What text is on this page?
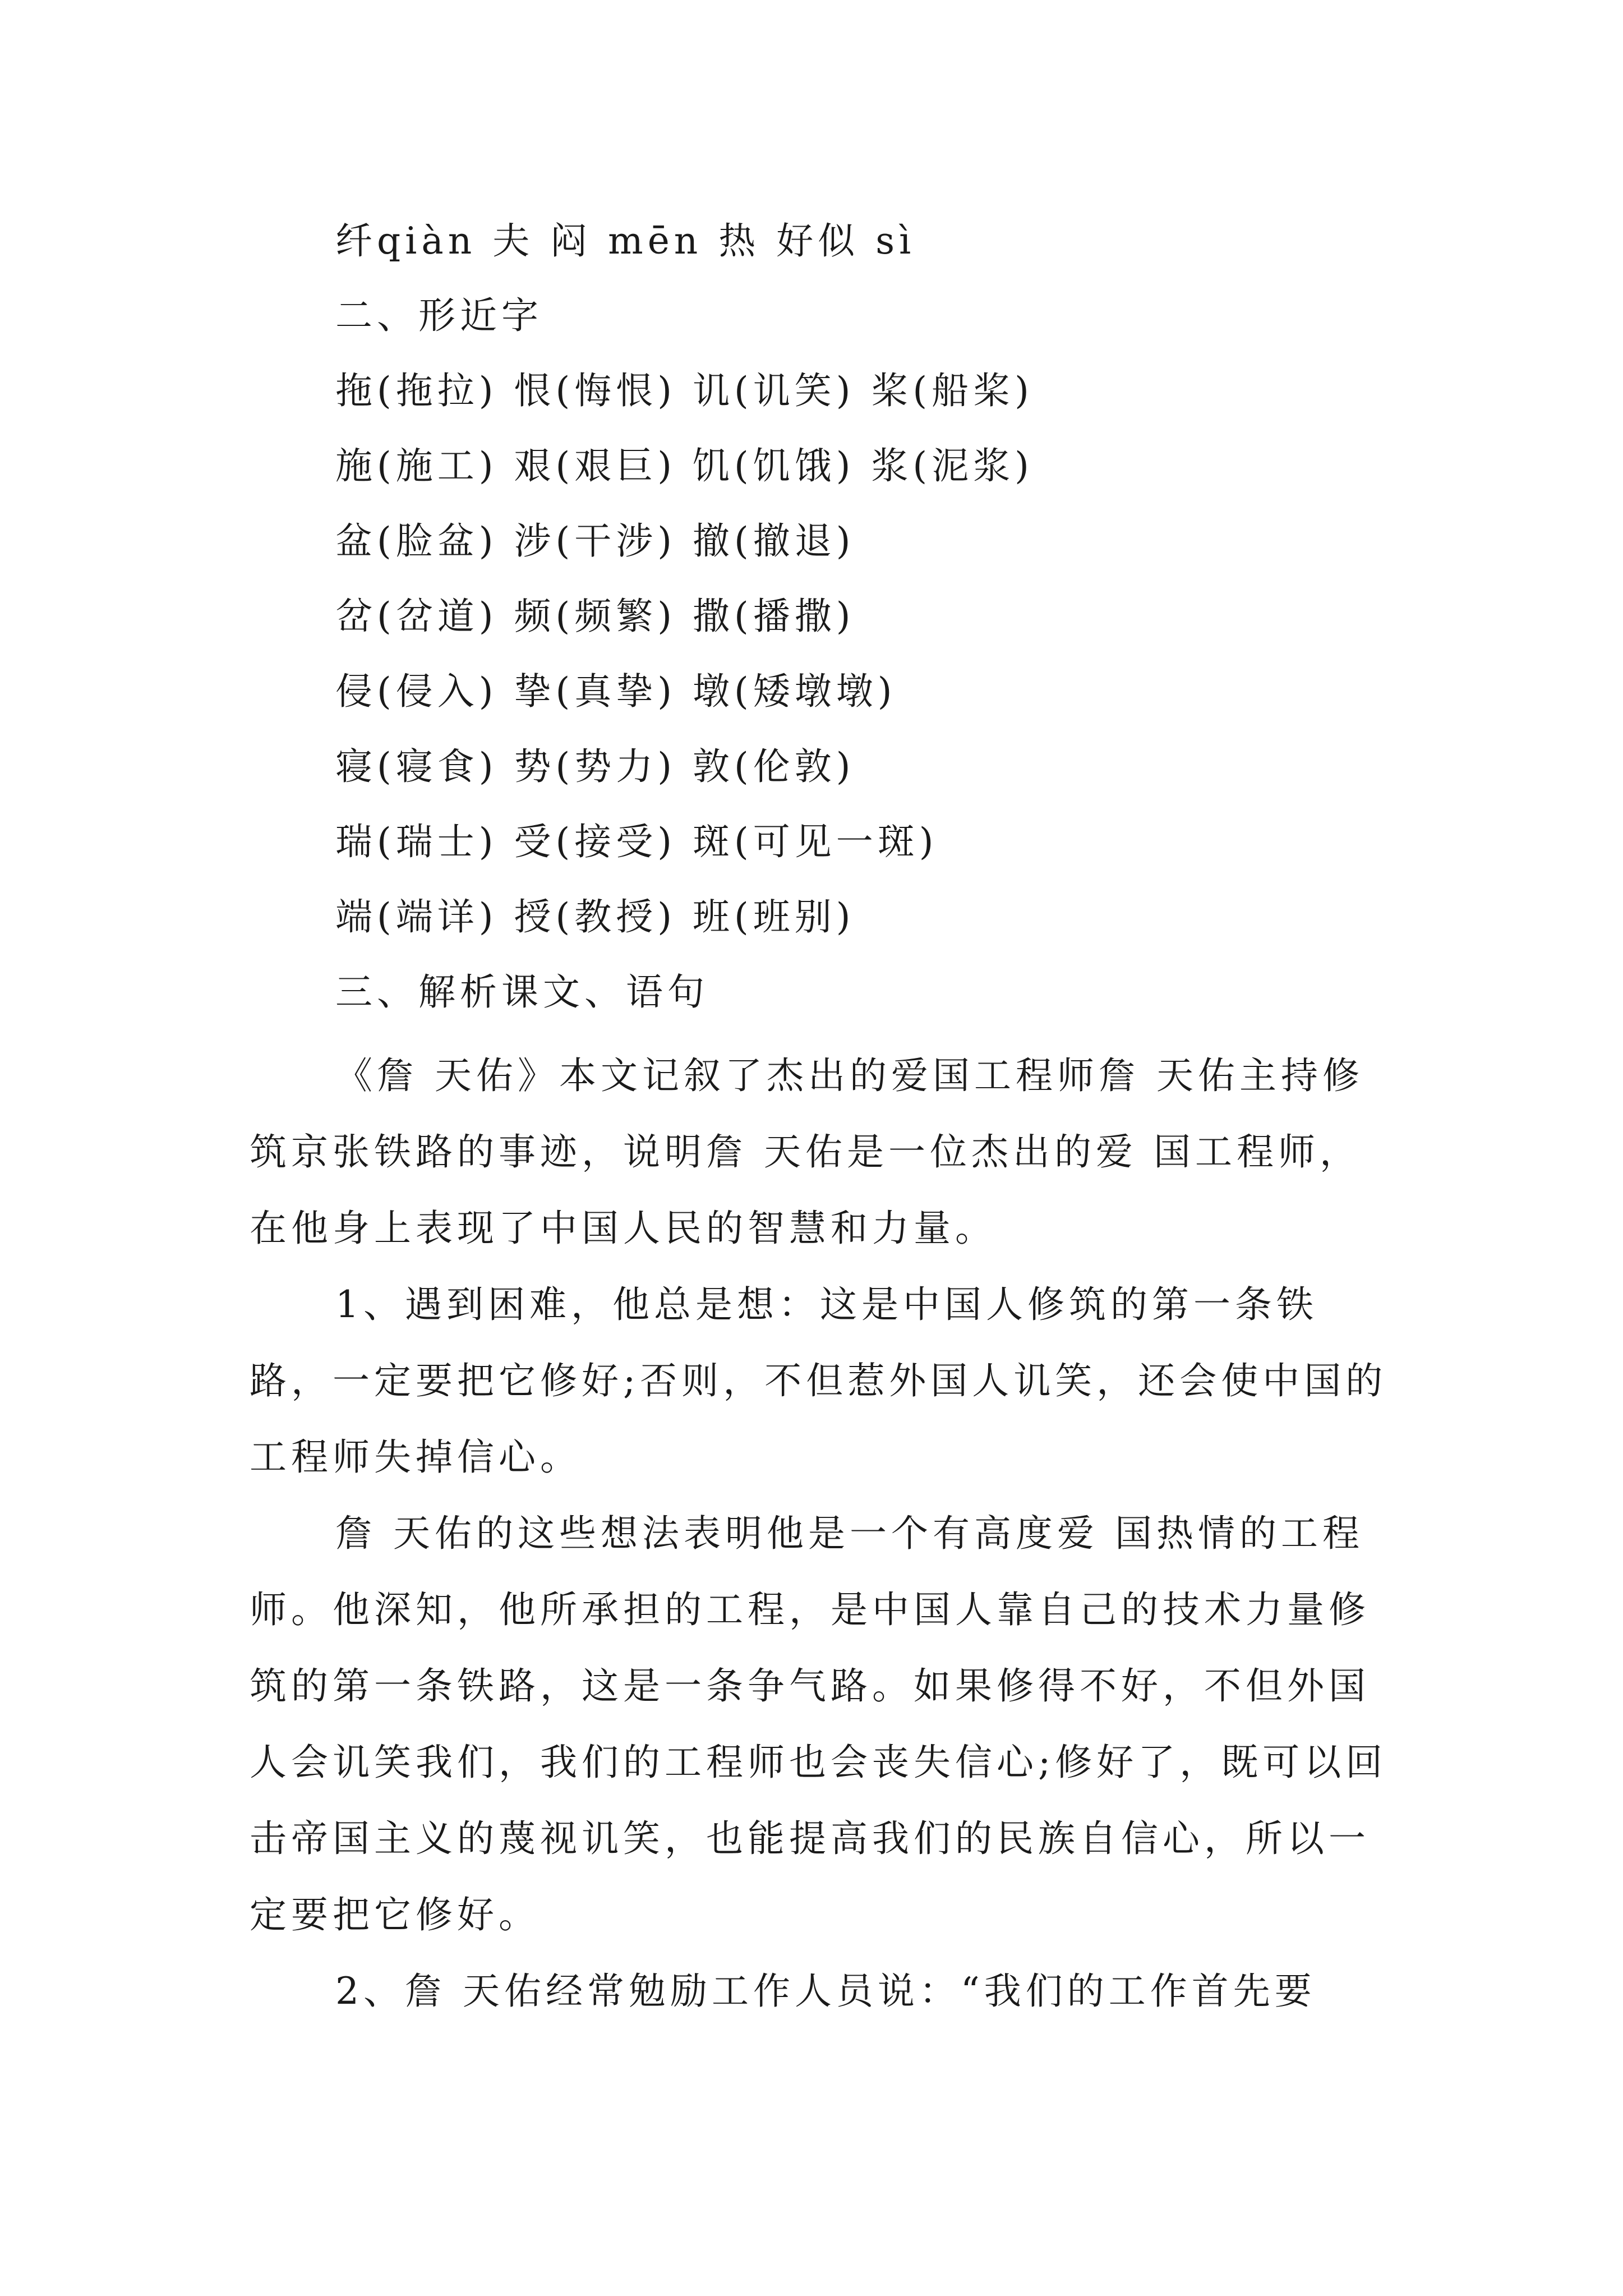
纤qiàn 夫 闷 mēn 热 好似 sì
二、形近字
拖(拖拉) 恨(悔恨) 讥(讥笑) 桨(船桨)
施(施工) 艰(艰巨) 饥(饥饿) 浆(泥浆)
盆(脸盆) 涉(干涉) 撤(撤退)
岔(岔道) 频(频繁) 撒(播撒)
侵(侵入) 挚(真挚) 墩(矮墩墩)
寝(寝食) 势(势力) 敦(伦敦)
瑞(瑞士) 受(接受) 斑(可见一斑)
端(端详) 授(教授) 班(班别)
三、解析课文、语句

《詹 天佑》本文记叙了杰出的爱国工程师詹 天佑主持修筑京张铁路的事迹，说明詹 天佑是一位杰出的爱 国工程师，在他身上表现了中国人民的智慧和力量。

1、遇到困难，他总是想：这是中国人修筑的第一条铁路，一定要把它修好;否则，不但惹外国人讥笑，还会使中国的工程师失掉信心。

詹 天佑的这些想法表明他是一个有高度爱 国热情的工程师。他深知，他所承担的工程，是中国人靠自己的技术力量修筑的第一条铁路，这是一条争气路。如果修得不好，不但外国人会讥笑我们，我们的工程师也会丧失信心;修好了，既可以回击帝国主义的蔑视讥笑，也能提高我们的民族自信心，所以一定要把它修好。

2、詹 天佑经常勉励工作人员说：“我们的工作首先要
